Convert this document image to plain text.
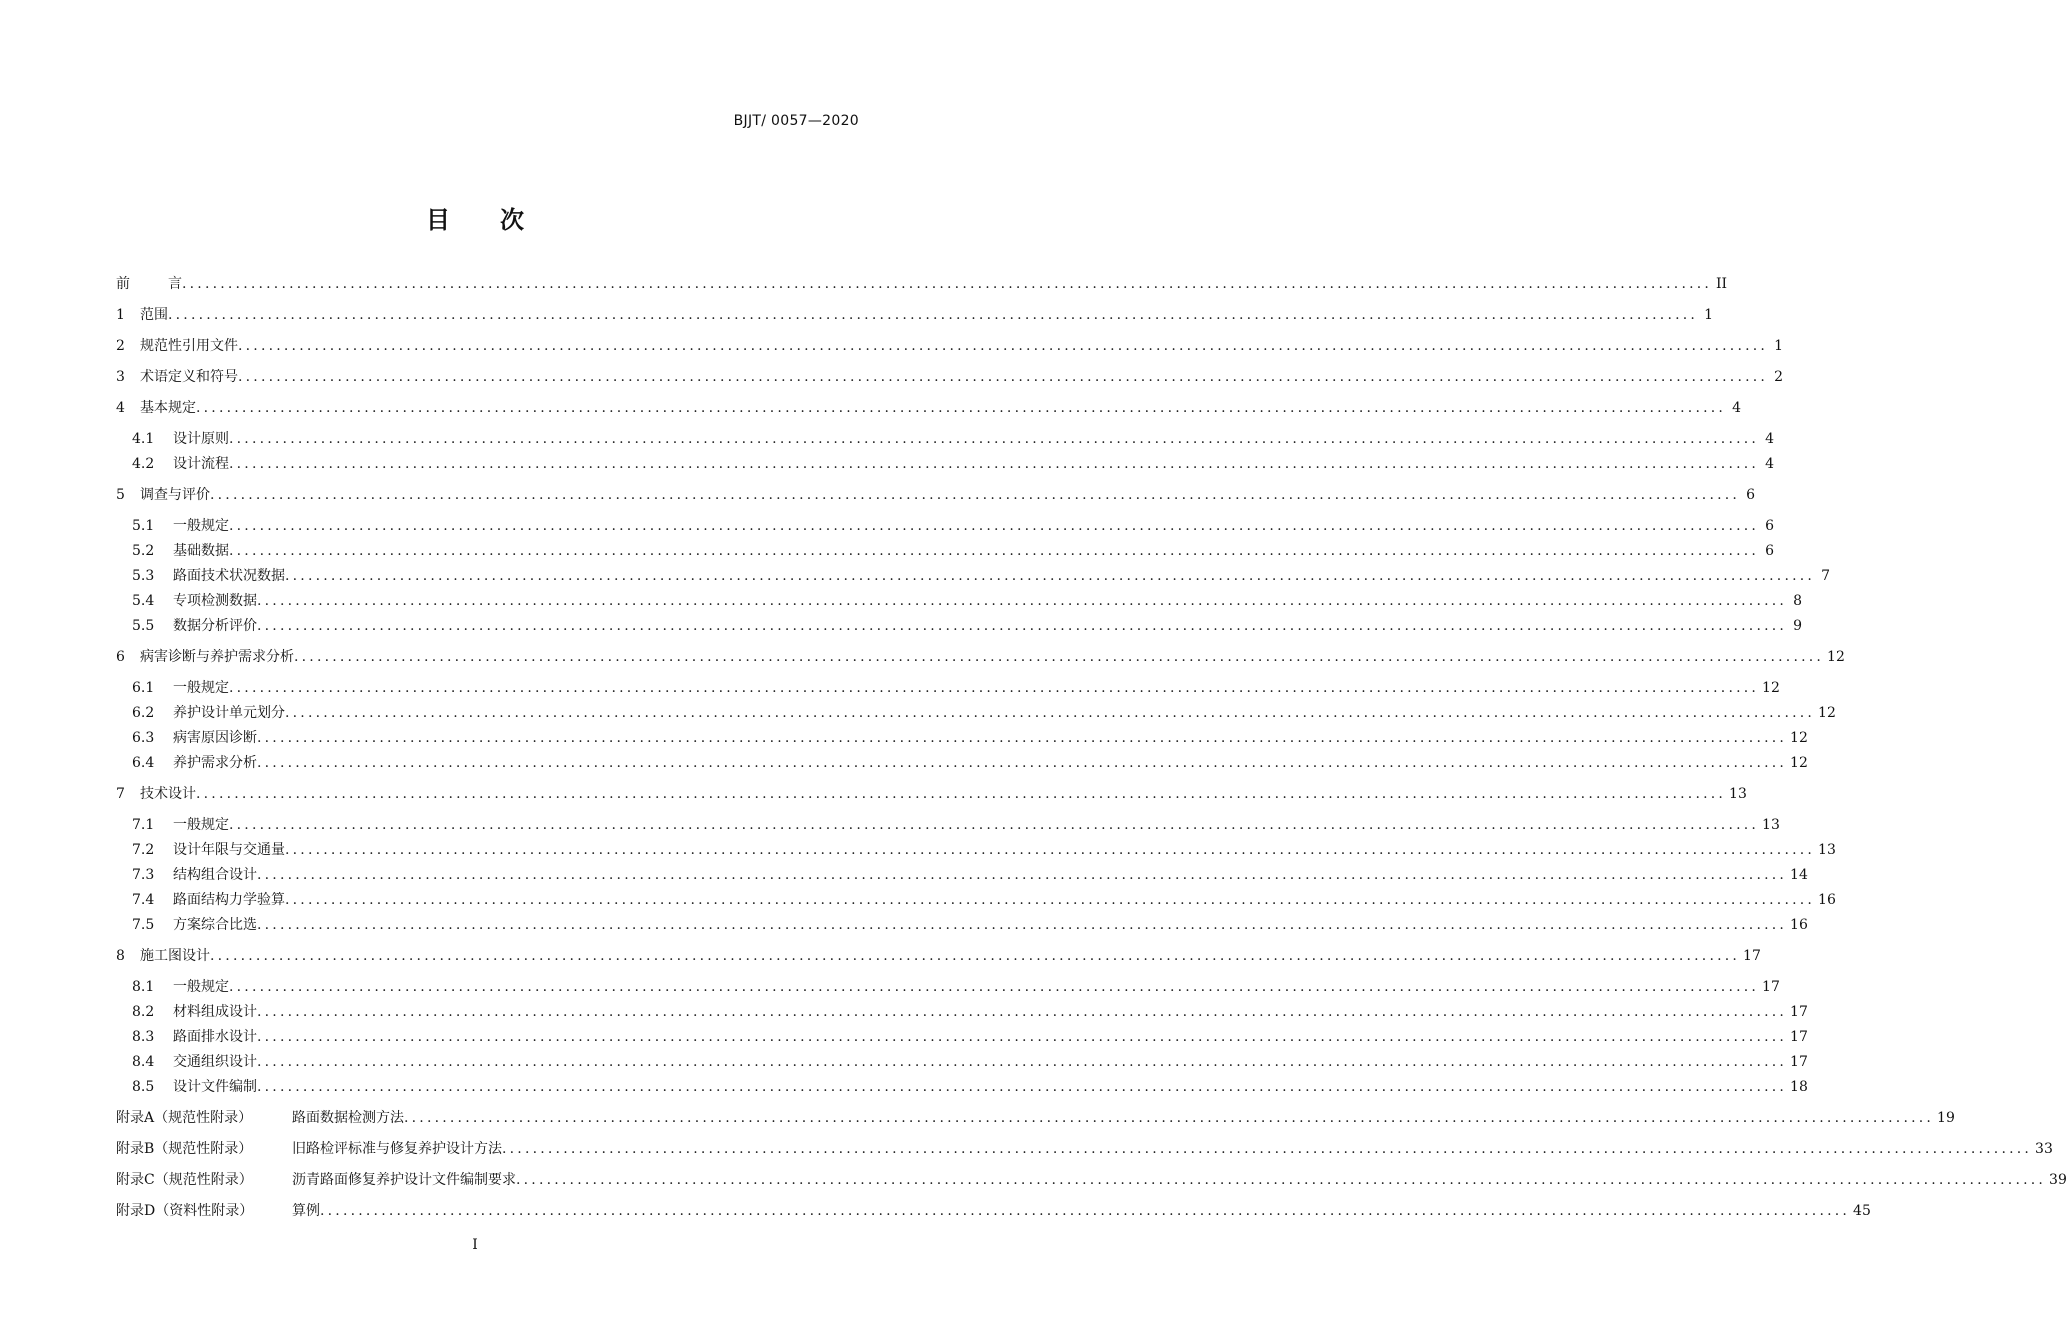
BJJT/ 0057—2020
目 次
前	言 ........................................................................................................................................................................................................ II
1 范围 ........................................................................................................................................................................................................ 1
2 规范性引用文件 ........................................................................................................................................................................................................ 1
3 术语定义和符号 ........................................................................................................................................................................................................ 2
4 基本规定 ........................................................................................................................................................................................................ 4
4.1 设计原则 ........................................................................................................................................................................................................ 4
4.2 设计流程 ........................................................................................................................................................................................................ 4
5 调查与评价 ........................................................................................................................................................................................................ 6
5.1 一般规定 ........................................................................................................................................................................................................ 6
5.2 基础数据 ........................................................................................................................................................................................................ 6
5.3 路面技术状况数据 ........................................................................................................................................................................................................ 7
5.4 专项检测数据 ........................................................................................................................................................................................................ 8
5.5 数据分析评价 ........................................................................................................................................................................................................ 9
6 病害诊断与养护需求分析 ........................................................................................................................................................................................................ 12
6.1 一般规定 ........................................................................................................................................................................................................ 12
6.2 养护设计单元划分 ........................................................................................................................................................................................................ 12
6.3 病害原因诊断 ........................................................................................................................................................................................................ 12
6.4 养护需求分析 ........................................................................................................................................................................................................ 12
7 技术设计 ........................................................................................................................................................................................................ 13
7.1 一般规定 ........................................................................................................................................................................................................ 13
7.2 设计年限与交通量 ........................................................................................................................................................................................................ 13
7.3 结构组合设计 ........................................................................................................................................................................................................ 14
7.4 路面结构力学验算 ........................................................................................................................................................................................................ 16
7.5 方案综合比选 ........................................................................................................................................................................................................ 16
8 施工图设计 ........................................................................................................................................................................................................ 17
8.1 一般规定 ........................................................................................................................................................................................................ 17
8.2 材料组成设计 ........................................................................................................................................................................................................ 17
8.3 路面排水设计 ........................................................................................................................................................................................................ 17
8.4 交通组织设计 ........................................................................................................................................................................................................ 17
8.5 设计文件编制 ........................................................................................................................................................................................................ 18
附录A（规范性附录）	路面数据检测方法 ........................................................................................................................................................................................................ 19
附录B（规范性附录）	旧路检评标准与修复养护设计方法 ........................................................................................................................................................................................................ 33
附录C（规范性附录）	沥青路面修复养护设计文件编制要求 ........................................................................................................................................................................................................ 39
附录D（资料性附录）	算例 ........................................................................................................................................................................................................ 45
I
